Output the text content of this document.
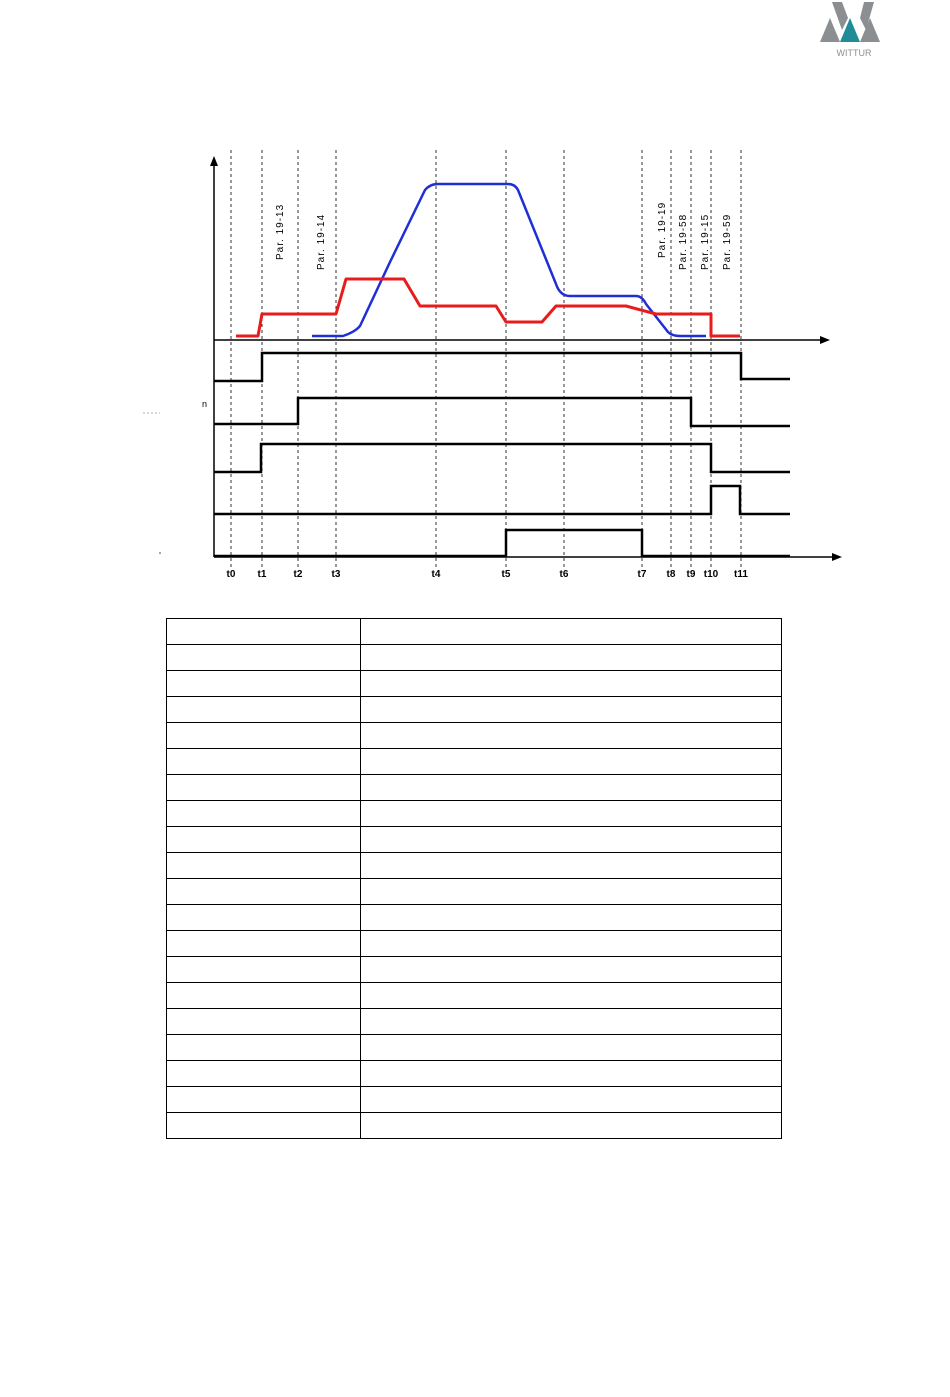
WITTUR
t0 t1	t2	t3	t4	t5	t6	t7 t8 t9 t10 t11
Par. 19-13	Par. 19-14	Par. 19-19 Par. 19-58 Par. 19-15 Par. 19-59
n
